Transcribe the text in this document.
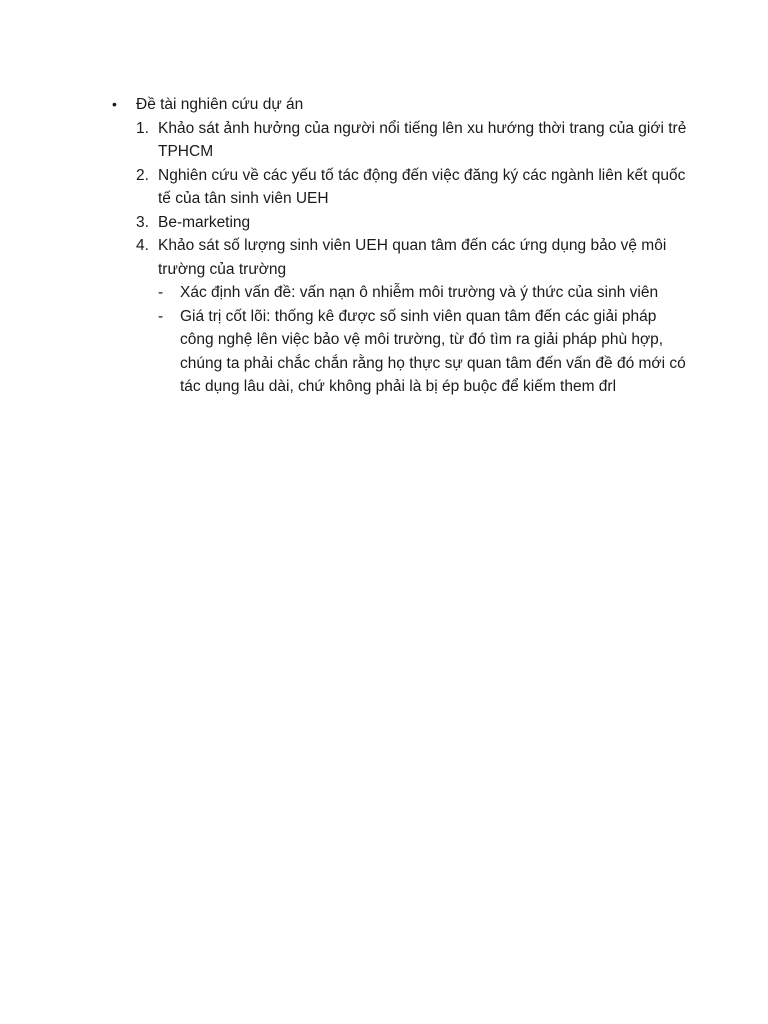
•	Đề tài nghiên cứu dự án
1. Khảo sát ảnh hưởng của người nổi tiếng lên xu hướng thời trang của giới trẻ TPHCM
2. Nghiên cứu về các yếu tố tác động đến việc đăng ký các ngành liên kết quốc tế của tân sinh viên UEH
3. Be-marketing
4. Khảo sát số lượng sinh viên UEH quan tâm đến các ứng dụng bảo vệ môi trường của trường
-	Xác định vấn đề: vấn nạn ô nhiễm môi trường và ý thức của sinh viên
-	Giá trị cốt lõi: thống kê được số sinh viên quan tâm đến các giải pháp công nghệ lên việc bảo vệ môi trường, từ đó tìm ra giải pháp phù hợp, chúng ta phải chắc chắn rằng họ thực sự quan tâm đến vấn đề đó mới có tác dụng lâu dài, chứ không phải là bị ép buộc để kiếm them đrl
